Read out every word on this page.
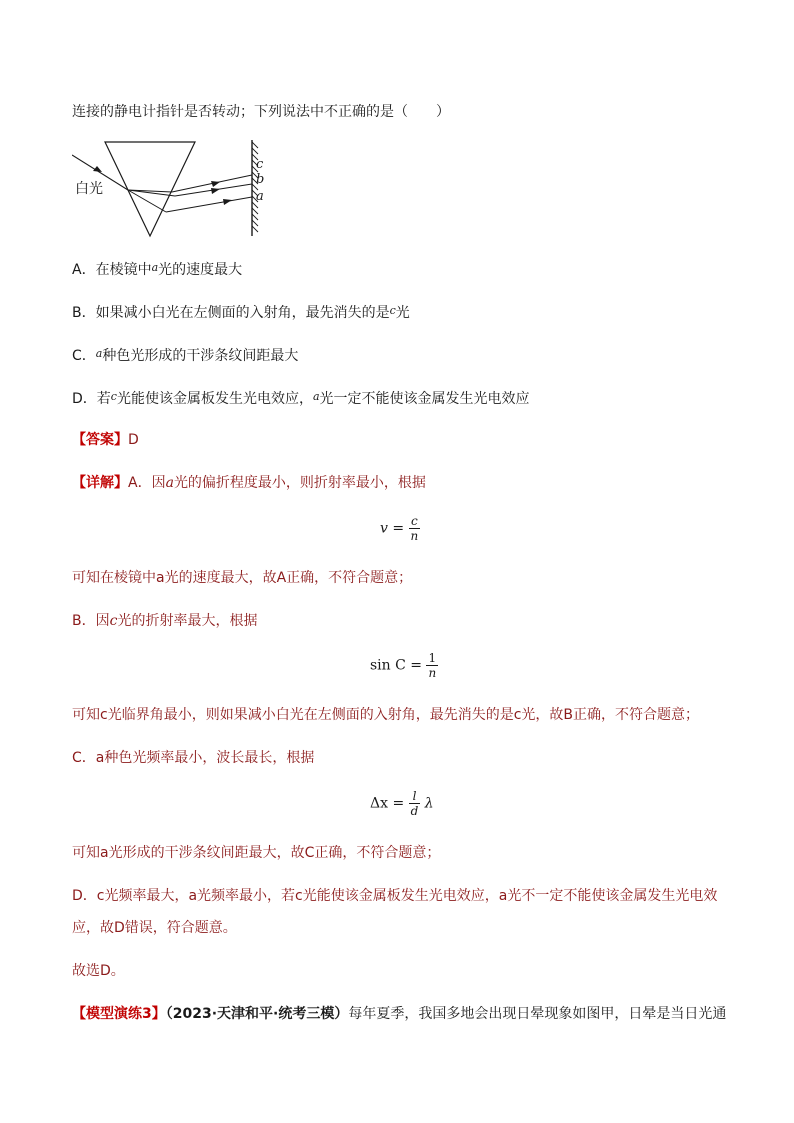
连接的静电计指针是否转动；下列说法中不正确的是（　　）
白光
c
b
a
A．在棱镜中$^a$光的速度最大
B．如果减小白光在左侧面的入射角，最先消失的是$^c$光
C．$^a$种色光形成的干涉条纹间距最大
D．若$^c$光能使该金属板发生光电效应，$^a$光一定不能使该金属发生光电效应
【答案】D
【详解】A．因a光的偏折程度最小，则折射率最小，根据
$v = \frac{c}{n}$
可知在棱镜中a光的速度最大，故A正确，不符合题意；
B．因c光的折射率最大，根据
$\sin C = \frac{1}{n}$
可知c光临界角最小，则如果减小白光在左侧面的入射角，最先消失的是c光，故B正确，不符合题意；
C．a种色光频率最小，波长最长，根据
$\Delta x = \frac{l}{d}$ λ
可知a光形成的干涉条纹间距最大，故C正确，不符合题意；
D．c光频率最大，a光频率最小，若c光能使该金属板发生光电效应，a光不一定不能使该金属发生光电效
应，故D错误，符合题意。
故选D。
【模型演练3】（2023·天津和平·统考三模）每年夏季，我国多地会出现日晕现象如图甲，日晕是当日光通
